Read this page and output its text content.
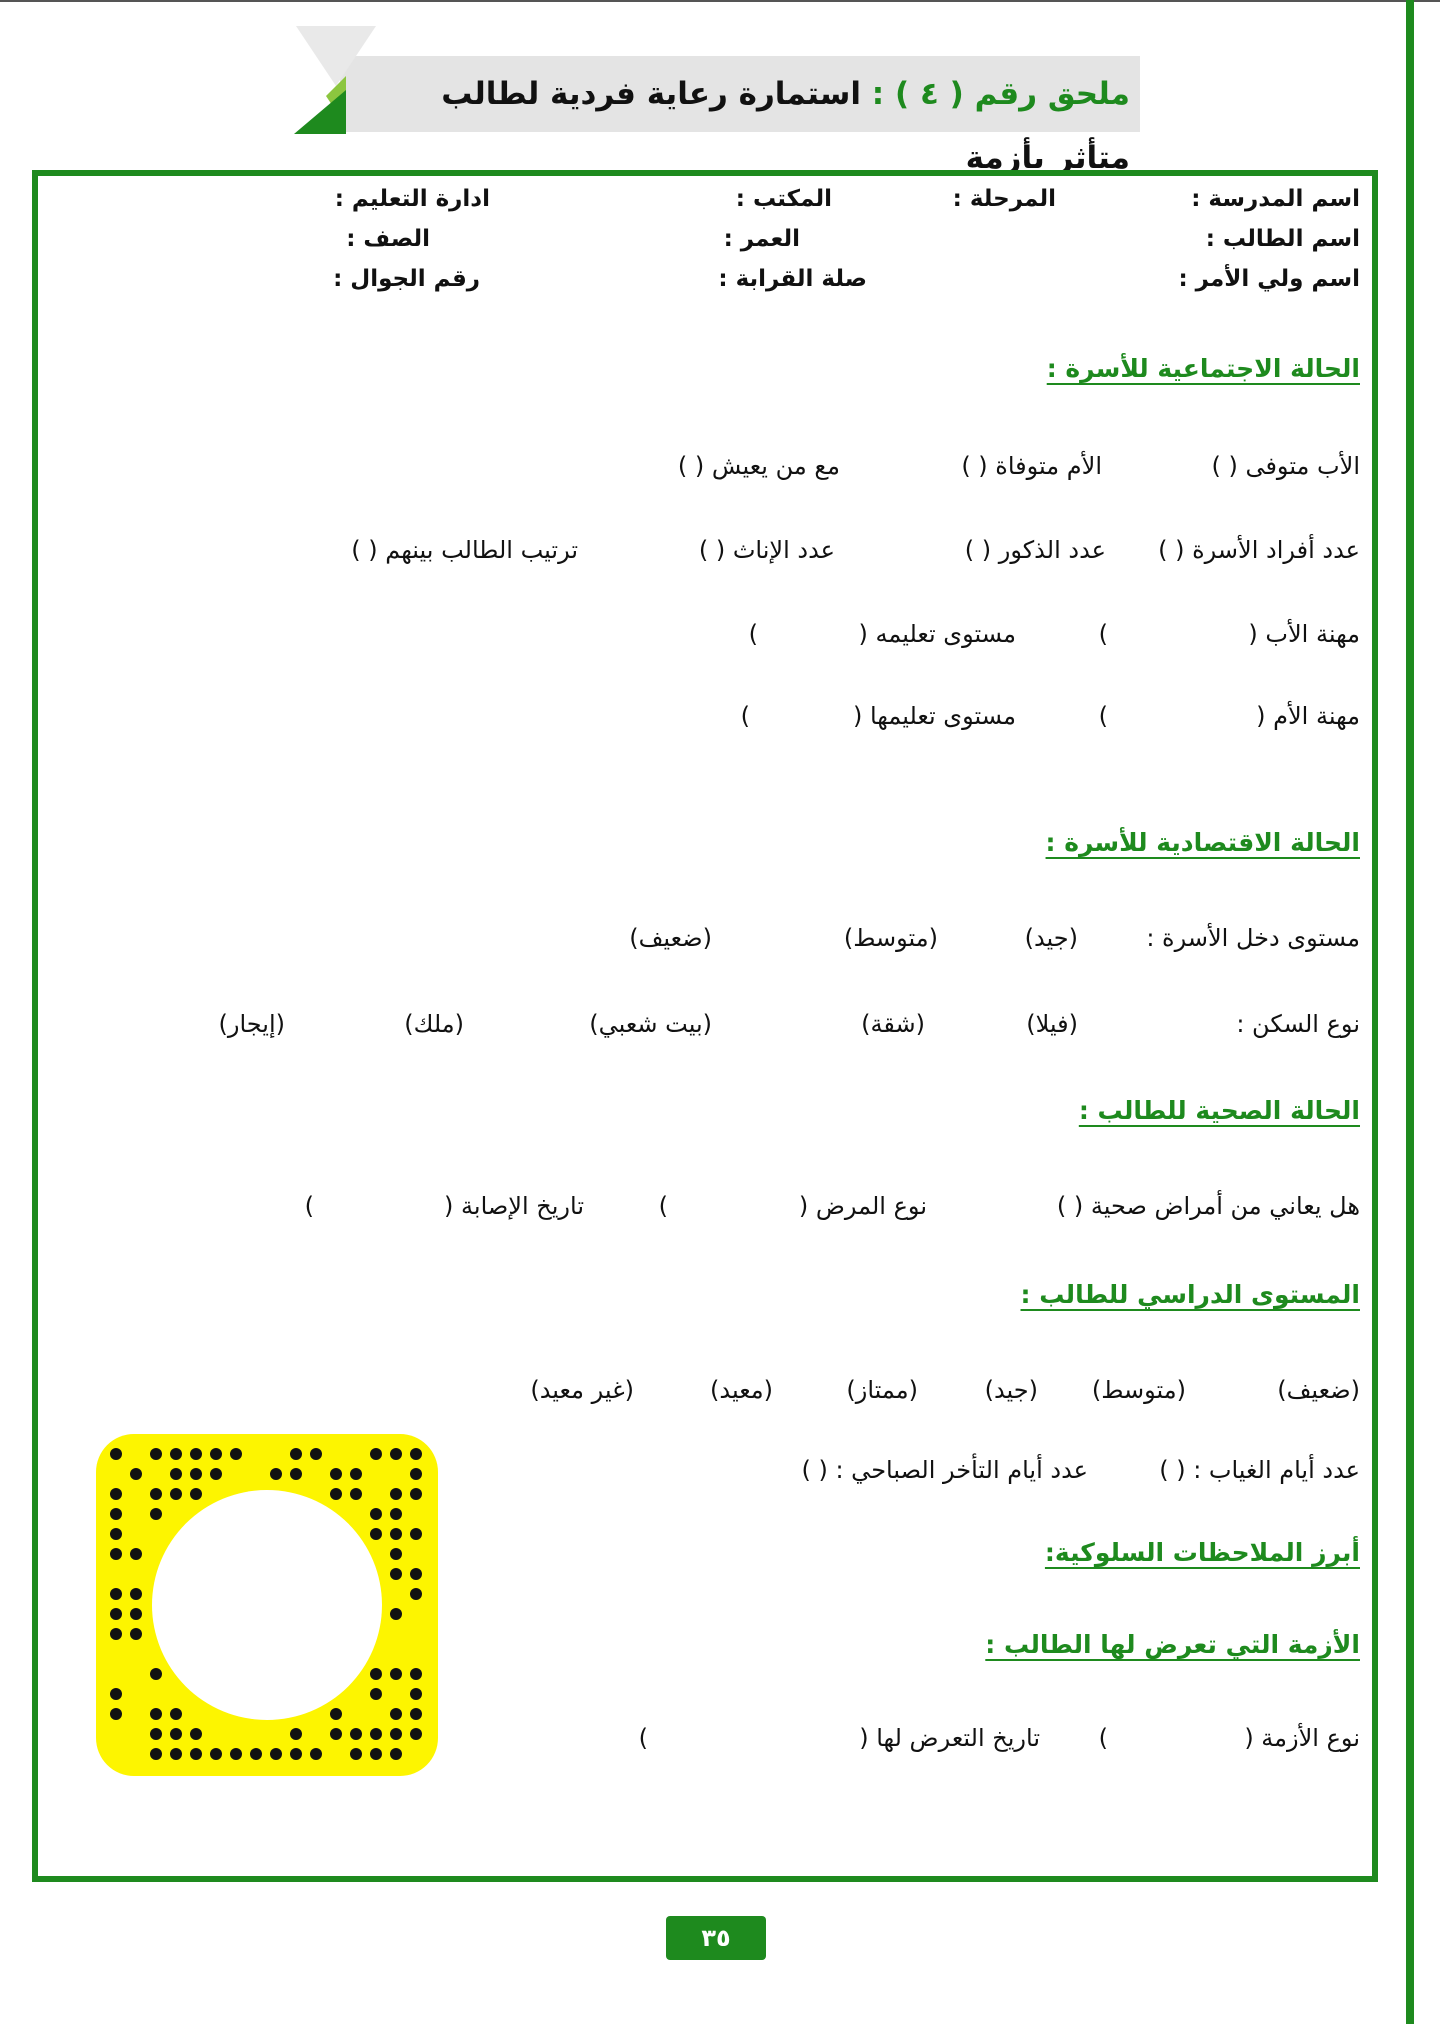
ملحق رقم ( ٤ ) : استمارة رعاية فردية لطالب متأثر بأزمة
اسم المدرسة :
المرحلة :
المكتب :
ادارة التعليم :
اسم الطالب :
العمر :
الصف :
اسم ولي الأمر :
صلة القرابة :
رقم الجوال :
الحالة الاجتماعية للأسرة :
الأب متوفى ( )
الأم متوفاة ( )
مع من يعيش ( )
عدد أفراد الأسرة ( )
عدد الذكور ( )
عدد الإناث ( )
ترتيب الطالب بينهم ( )
مهنة الأب (
)
مستوى تعليمه (
)
مهنة الأم (
)
مستوى تعليمها (
)
الحالة الاقتصادية للأسرة :
مستوى دخل الأسرة :
(جيد)
(متوسط)
(ضعيف)
نوع السكن :
(فيلا)
(شقة)
(بيت شعبي)
(ملك)
(إيجار)
الحالة الصحية للطالب :
هل يعاني من أمراض صحية ( )
نوع المرض (
)
تاريخ الإصابة (
)
المستوى الدراسي للطالب :
(ضعيف)
(متوسط)
(جيد)
(ممتاز)
(معيد)
(غير معيد)
عدد أيام الغياب : ( )
عدد أيام التأخر الصباحي : ( )
أبرز الملاحظات السلوكية:
الأزمة التي تعرض لها الطالب :
نوع الأزمة (
)
تاريخ التعرض لها (
)
٣٥
